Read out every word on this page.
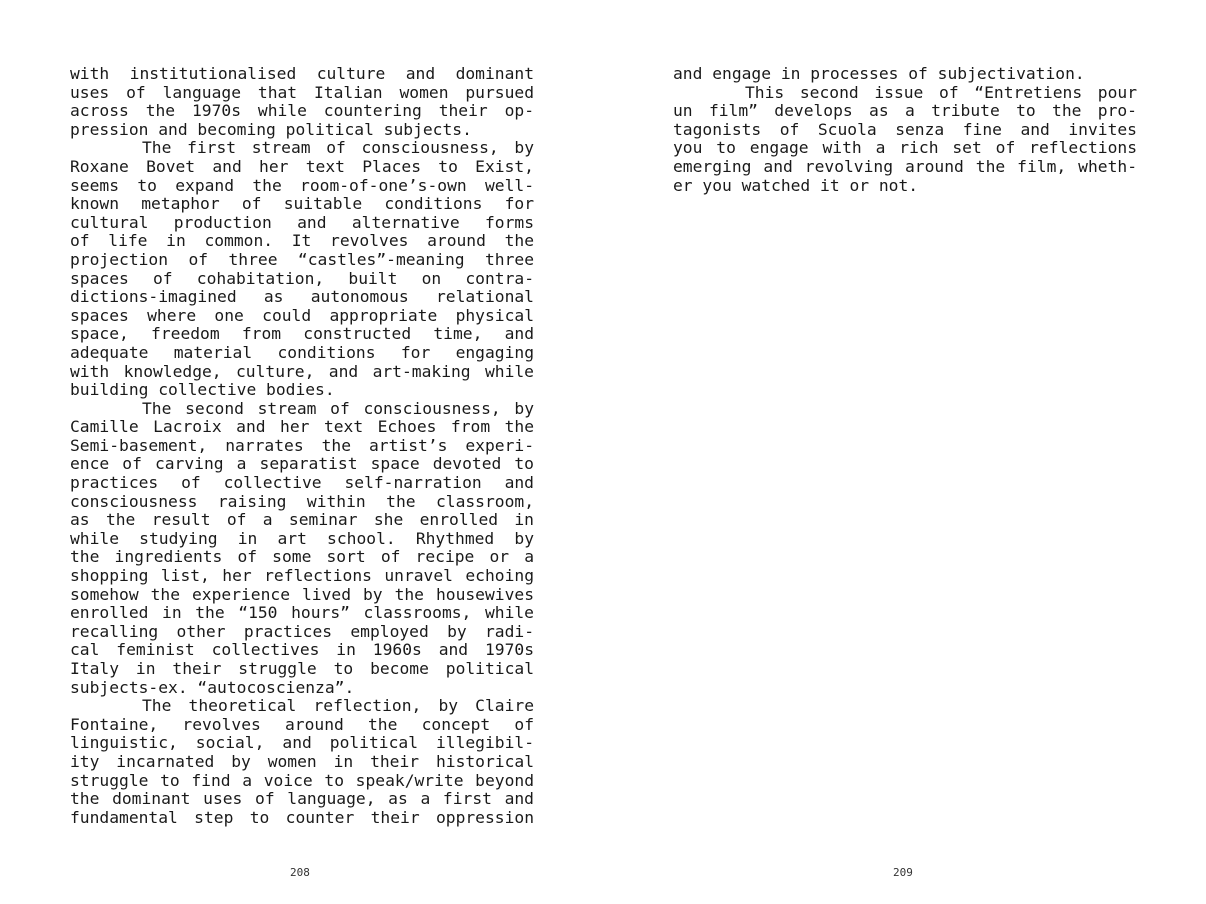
with institutionalised culture and dominant
uses of language that Italian women pursued
across the 1970s while countering their op-
pression and becoming political subjects.
The first stream of consciousness, by
Roxane Bovet and her text Places to Exist,
seems to expand the room-of-one’s-own well-
known metaphor of suitable conditions for
cultural production and alternative forms
of life in common. It revolves around the
projection of three “castles”-meaning three
spaces of cohabitation, built on contra-
dictions-imagined as autonomous relational
spaces where one could appropriate physical
space, freedom from constructed time, and
adequate material conditions for engaging
with knowledge, culture, and art-making while
building collective bodies.
The second stream of consciousness, by
Camille Lacroix and her text Echoes from the
Semi-basement, narrates the artist’s experi-
ence of carving a separatist space devoted to
practices of collective self-narration and
consciousness raising within the classroom,
as the result of a seminar she enrolled in
while studying in art school. Rhythmed by
the ingredients of some sort of recipe or a
shopping list, her reflections unravel echoing
somehow the experience lived by the housewives
enrolled in the “150 hours” classrooms, while
recalling other practices employed by radi-
cal feminist collectives in 1960s and 1970s
Italy in their struggle to become political
subjects-ex. “autocoscienza”.
The theoretical reflection, by Claire
Fontaine, revolves around the concept of
linguistic, social, and political illegibil-
ity incarnated by women in their historical
struggle to find a voice to speak/write beyond
the dominant uses of language, as a first and
fundamental step to counter their oppression
208
and engage in processes of subjectivation.
This second issue of “Entretiens pour
un film” develops as a tribute to the pro-
tagonists of Scuola senza fine and invites
you to engage with a rich set of reflections
emerging and revolving around the film, wheth-
er you watched it or not.
209
